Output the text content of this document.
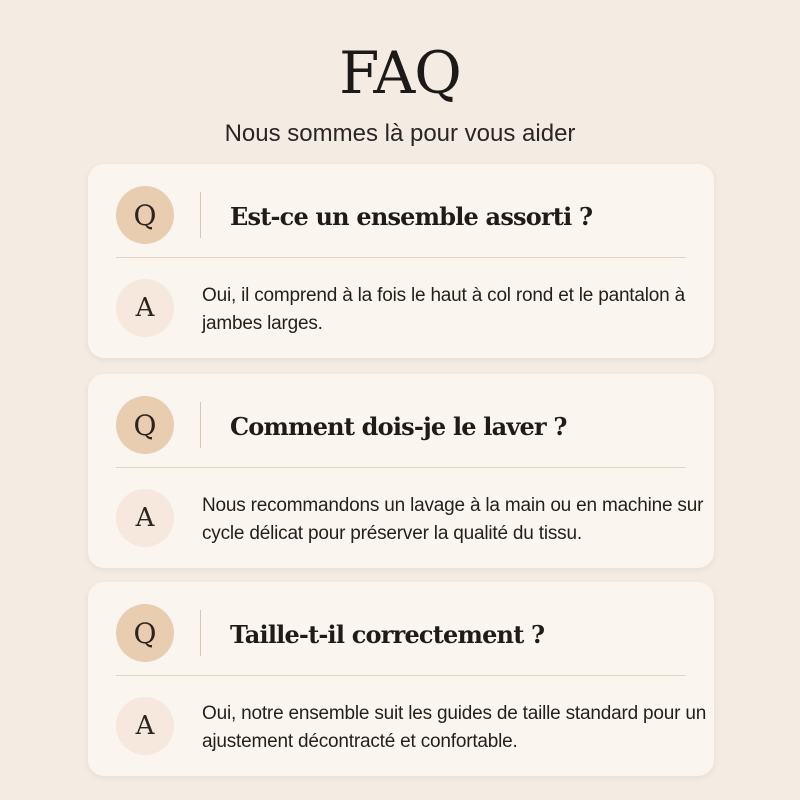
FAQ
Nous sommes là pour vous aider
Q	Est-ce un ensemble assorti ?
A	Oui, il comprend à la fois le haut à col rond et le pantalon à jambes larges.
Q	Comment dois-je le laver ?
A	Nous recommandons un lavage à la main ou en machine sur cycle délicat pour préserver la qualité du tissu.
Q	Taille-t-il correctement ?
A	Oui, notre ensemble suit les guides de taille standard pour un ajustement décontracté et confortable.
